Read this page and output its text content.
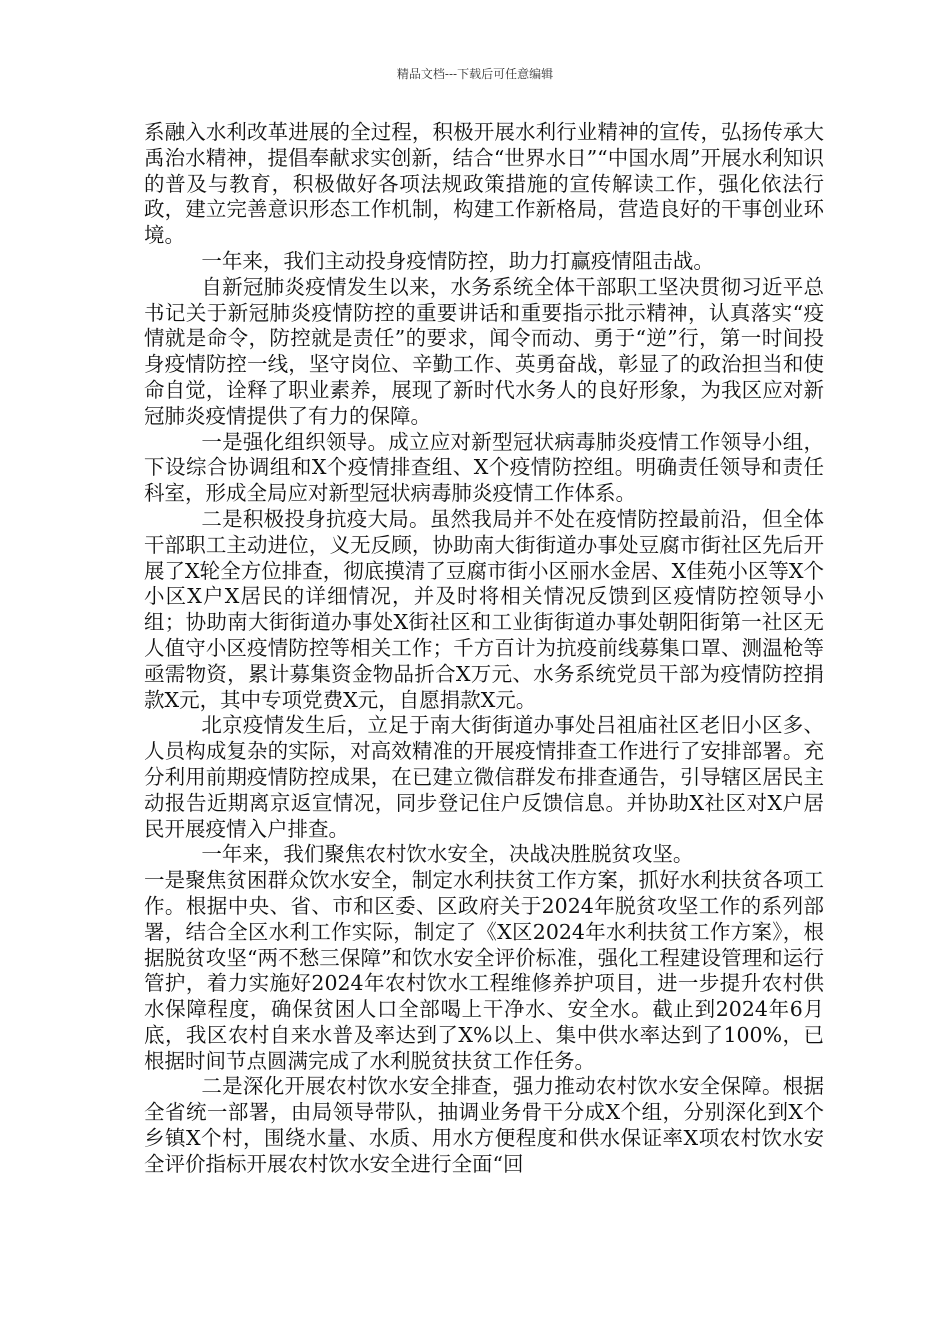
精品文档---下载后可任意编辑

系融入水利改革进展的全过程，积极开展水利行业精神的宣传，弘扬传承大禹治水精神，提倡奉献求实创新，结合“世界水日”“中国水周”开展水利知识的普及与教育，积极做好各项法规政策措施的宣传解读工作，强化依法行政，建立完善意识形态工作机制，构建工作新格局，营造良好的干事创业环境。

一年来，我们主动投身疫情防控，助力打赢疫情阻击战。

自新冠肺炎疫情发生以来，水务系统全体干部职工坚决贯彻习近平总书记关于新冠肺炎疫情防控的重要讲话和重要指示批示精神，认真落实“疫情就是命令，防控就是责任”的要求，闻令而动、勇于“逆”行，第一时间投身疫情防控一线，坚守岗位、辛勤工作、英勇奋战，彰显了的政治担当和使命自觉，诠释了职业素养，展现了新时代水务人的良好形象，为我区应对新冠肺炎疫情提供了有力的保障。

一是强化组织领导。成立应对新型冠状病毒肺炎疫情工作领导小组，下设综合协调组和X个疫情排查组、X个疫情防控组。明确责任领导和责任科室，形成全局应对新型冠状病毒肺炎疫情工作体系。

二是积极投身抗疫大局。虽然我局并不处在疫情防控最前沿，但全体干部职工主动进位，义无反顾，协助南大街街道办事处豆腐市街社区先后开展了X轮全方位排查，彻底摸清了豆腐市街小区丽水金居、X佳苑小区等X个小区X户X居民的详细情况，并及时将相关情况反馈到区疫情防控领导小组；协助南大街街道办事处X街社区和工业街街道办事处朝阳街第一社区无人值守小区疫情防控等相关工作；千方百计为抗疫前线募集口罩、测温枪等亟需物资，累计募集资金物品折合X万元、水务系统党员干部为疫情防控捐款X元，其中专项党费X元，自愿捐款X元。

北京疫情发生后，立足于南大街街道办事处吕祖庙社区老旧小区多、人员构成复杂的实际，对高效精准的开展疫情排查工作进行了安排部署。充分利用前期疫情防控成果，在已建立微信群发布排查通告，引导辖区居民主动报告近期离京返宣情况，同步登记住户反馈信息。并协助X社区对X户居民开展疫情入户排查。

一年来，我们聚焦农村饮水安全，决战决胜脱贫攻坚。

一是聚焦贫困群众饮水安全，制定水利扶贫工作方案，抓好水利扶贫各项工作。根据中央、省、市和区委、区政府关于2024年脱贫攻坚工作的系列部署，结合全区水利工作实际，制定了《X区2024年水利扶贫工作方案》，根据脱贫攻坚“两不愁三保障”和饮水安全评价标准，强化工程建设管理和运行管护，着力实施好2024年农村饮水工程维修养护项目，进一步提升农村供水保障程度，确保贫困人口全部喝上干净水、安全水。截止到2024年6月底，我区农村自来水普及率达到了X%以上、集中供水率达到了100%，已根据时间节点圆满完成了水利脱贫扶贫工作任务。

二是深化开展农村饮水安全排查，强力推动农村饮水安全保障。根据全省统一部署，由局领导带队，抽调业务骨干分成X个组，分别深化到X个乡镇X个村，围绕水量、水质、用水方便程度和供水保证率X项农村饮水安全评价指标开展农村饮水安全进行全面“回
